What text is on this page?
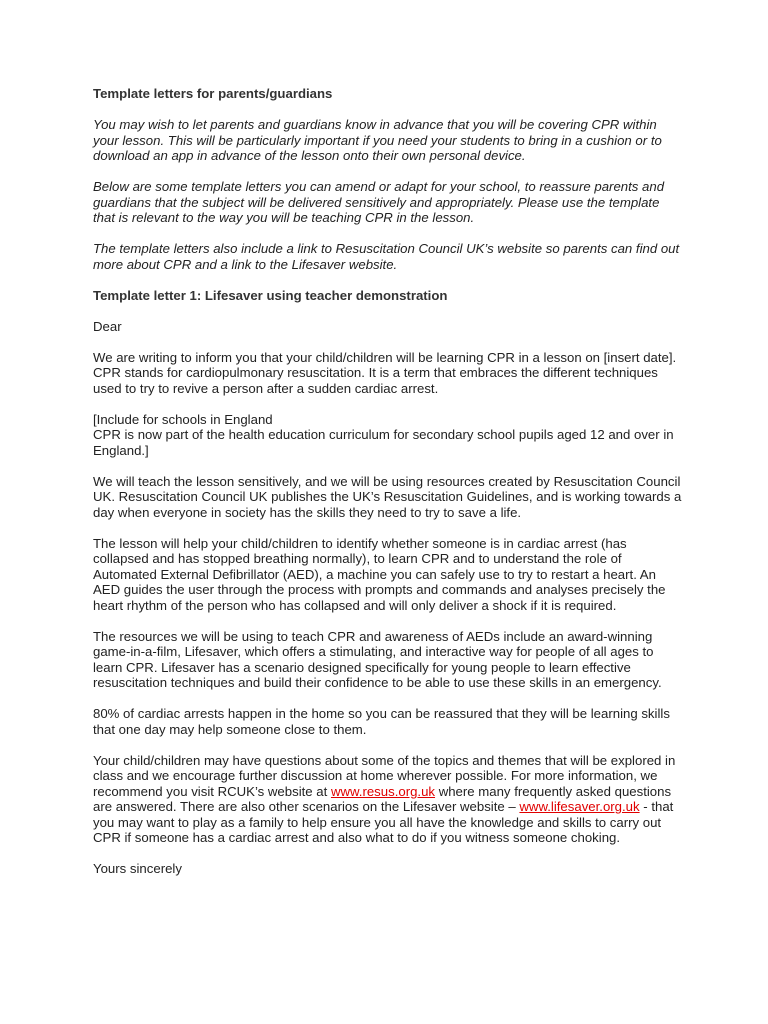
Template letters for parents/guardians

You may wish to let parents and guardians know in advance that you will be covering CPR within your lesson. This will be particularly important if you need your students to bring in a cushion or to download an app in advance of the lesson onto their own personal device.

Below are some template letters you can amend or adapt for your school, to reassure parents and guardians that the subject will be delivered sensitively and appropriately. Please use the template that is relevant to the way you will be teaching CPR in the lesson.

The template letters also include a link to Resuscitation Council UK’s website so parents can find out more about CPR and a link to the Lifesaver website.

Template letter 1: Lifesaver using teacher demonstration

Dear

We are writing to inform you that your child/children will be learning CPR in a lesson on [insert date]. CPR stands for cardiopulmonary resuscitation. It is a term that embraces the different techniques used to try to revive a person after a sudden cardiac arrest.

[Include for schools in England
CPR is now part of the health education curriculum for secondary school pupils aged 12 and over in England.]

We will teach the lesson sensitively, and we will be using resources created by Resuscitation Council UK. Resuscitation Council UK publishes the UK’s Resuscitation Guidelines, and is working towards a day when everyone in society has the skills they need to try to save a life.

The lesson will help your child/children to identify whether someone is in cardiac arrest (has collapsed and has stopped breathing normally), to learn CPR and to understand the role of Automated External Defibrillator (AED), a machine you can safely use to try to restart a heart. An AED guides the user through the process with prompts and commands and analyses precisely the heart rhythm of the person who has collapsed and will only deliver a shock if it is required.

The resources we will be using to teach CPR and awareness of AEDs include an award-winning game-in-a-film, Lifesaver, which offers a stimulating, and interactive way for people of all ages to learn CPR. Lifesaver has a scenario designed specifically for young people to learn effective resuscitation techniques and build their confidence to be able to use these skills in an emergency.

80% of cardiac arrests happen in the home so you can be reassured that they will be learning skills that one day may help someone close to them.

Your child/children may have questions about some of the topics and themes that will be explored in class and we encourage further discussion at home wherever possible. For more information, we recommend you visit RCUK’s website at www.resus.org.uk where many frequently asked questions are answered. There are also other scenarios on the Lifesaver website – www.lifesaver.org.uk - that you may want to play as a family to help ensure you all have the knowledge and skills to carry out CPR if someone has a cardiac arrest and also what to do if you witness someone choking.

Yours sincerely
